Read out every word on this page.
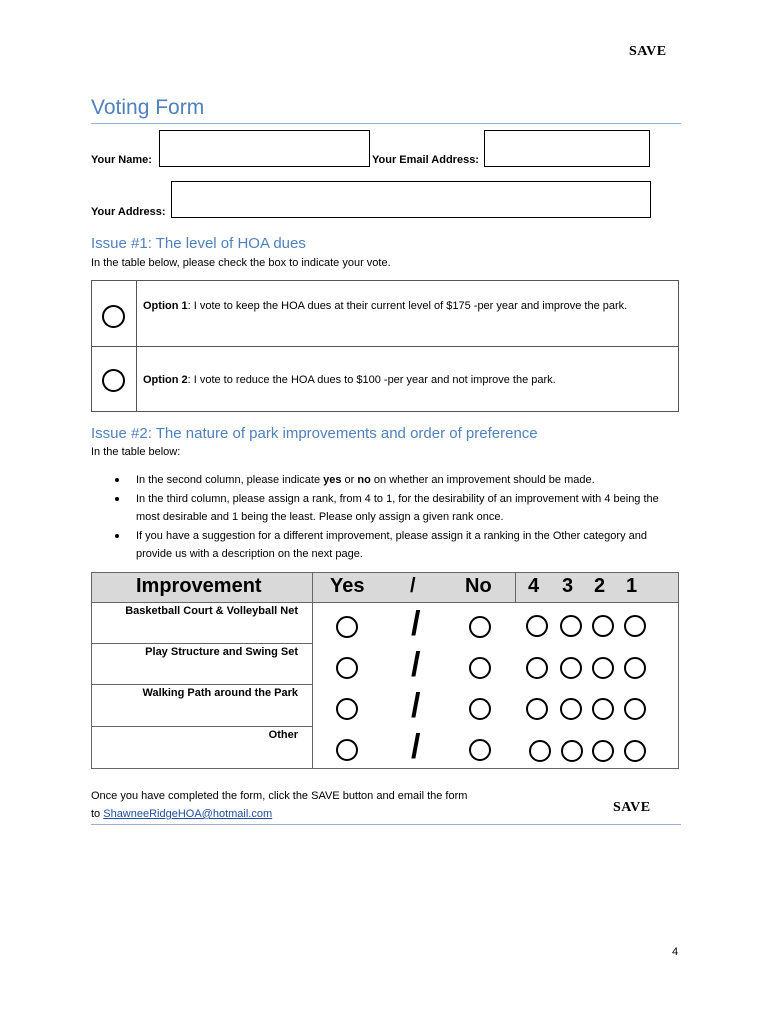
SAVE
Voting Form
Your Name:	Your Email Address:
Your Address:
Issue #1: The level of HOA dues
In the table below, please check the box to indicate your vote.
Option 1: I vote to keep the HOA dues at their current level of $175 -per year and improve the park.
Option 2: I vote to reduce the HOA dues to $100 -per year and not improve the park.
Issue #2: The nature of park improvements and order of preference
In the table below:
In the second column, please indicate yes or no on whether an improvement should be made.
In the third column, please assign a rank, from 4 to 1, for the desirability of an improvement with 4 being the most desirable and 1 being the least. Please only assign a given rank once.
If you have a suggestion for a different improvement, please assign it a ranking in the Other category and provide us with a description on the next page.
Improvement	Yes / No 4 3 2 1
Basketball Court & Volleyball Net	/
Play Structure and Swing Set	/
Walking Path around the Park	/
Other	/
Once you have completed the form, click the SAVE button and email the form
to ShawneeRidgeHOA@hotmail.com	SAVE
4
